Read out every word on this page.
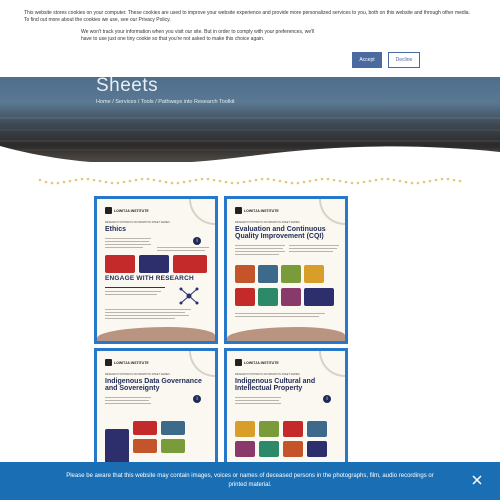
This website stores cookies on your computer. These cookies are used to improve your website experience and provide more personalized services to you, both on this website and through other media. To find out more about the cookies we use, see our Privacy Policy.

We won't track your information when you visit our site. But in order to comply with your preferences, we'll have to use just one tiny cookie so that you're not asked to make this choice again.

Accept	Decline
Sheets
Home / Services / Tools / Pathways into Research Toolkit
LOWITJA INSTITUTE
RESEARCH PATHWAYS INFORMATION SHEET SERIES
Ethics

i
ENGAGE WITH RESEARCH
LOWITJA INSTITUTE
RESEARCH PATHWAYS INFORMATION SHEET SERIES
Evaluation and Continuous Quality Improvement (CQI)
LOWITJA INSTITUTE
RESEARCH PATHWAYS INFORMATION SHEET SERIES
Indigenous Data Governance and Sovereignty
i
LOWITJA INSTITUTE
RESEARCH PATHWAYS INFORMATION SHEET SERIES
Indigenous Cultural and Intellectual Property
i

Please be aware that this website may contain images, voices or names of deceased persons in the photographs, film, audio recordings or printed material.
